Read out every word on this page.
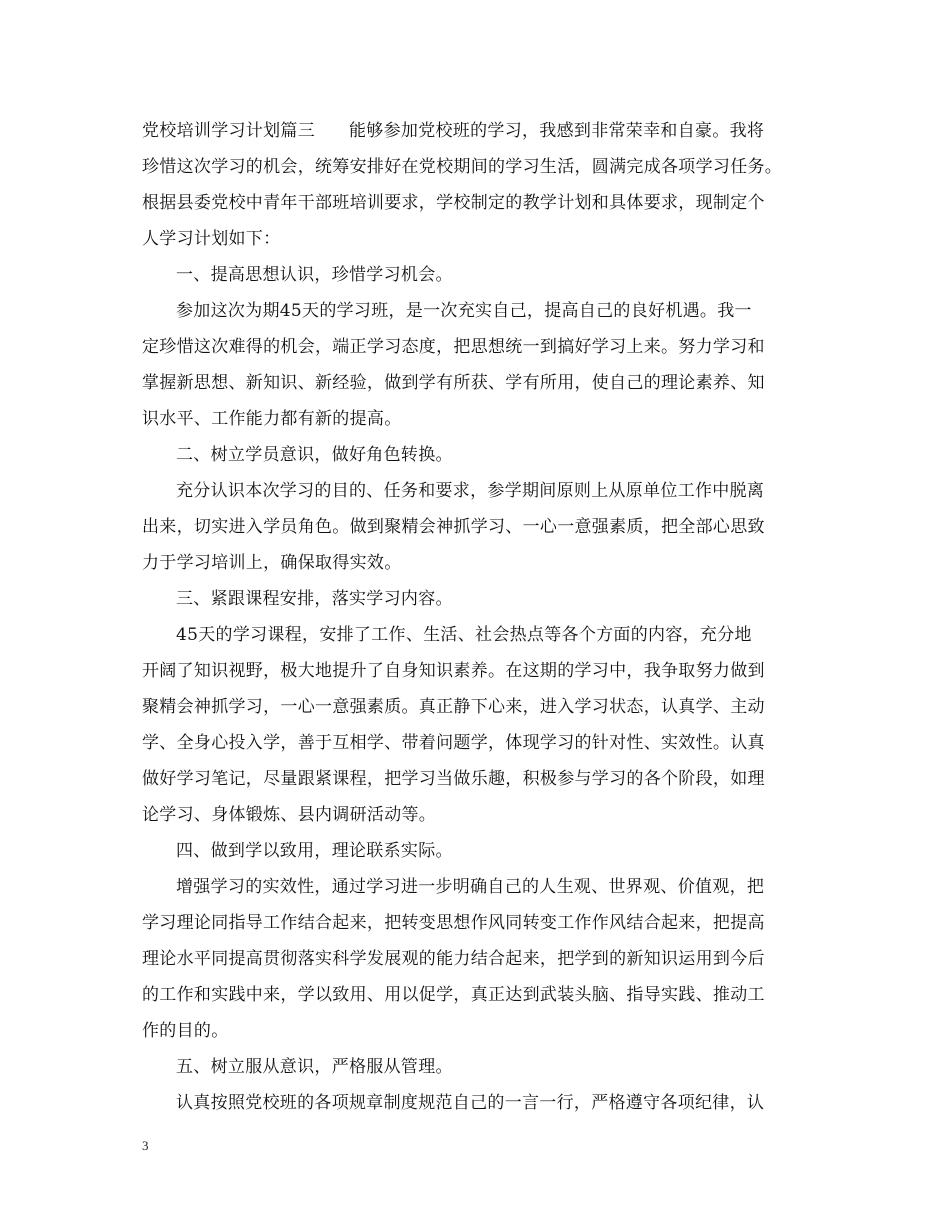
党校培训学习计划篇三 能够参加党校班的学习，我感到非常荣幸和自豪。我将
珍惜这次学习的机会，统筹安排好在党校期间的学习生活，圆满完成各项学习任务。
根据县委党校中青年干部班培训要求，学校制定的教学计划和具体要求，现制定个
人学习计划如下：
一、提高思想认识，珍惜学习机会。
参加这次为期45天的学习班，是一次充实自己，提高自己的良好机遇。我一
定珍惜这次难得的机会，端正学习态度，把思想统一到搞好学习上来。努力学习和
掌握新思想、新知识、新经验，做到学有所获、学有所用，使自己的理论素养、知
识水平、工作能力都有新的提高。
二、树立学员意识，做好角色转换。
充分认识本次学习的目的、任务和要求，参学期间原则上从原单位工作中脱离
出来，切实进入学员角色。做到聚精会神抓学习、一心一意强素质，把全部心思致
力于学习培训上，确保取得实效。
三、紧跟课程安排，落实学习内容。
45天的学习课程，安排了工作、生活、社会热点等各个方面的内容，充分地
开阔了知识视野，极大地提升了自身知识素养。在这期的学习中，我争取努力做到
聚精会神抓学习，一心一意强素质。真正静下心来，进入学习状态，认真学、主动
学、全身心投入学，善于互相学、带着问题学，体现学习的针对性、实效性。认真
做好学习笔记，尽量跟紧课程，把学习当做乐趣，积极参与学习的各个阶段，如理
论学习、身体锻炼、县内调研活动等。
四、做到学以致用，理论联系实际。
增强学习的实效性，通过学习进一步明确自己的人生观、世界观、价值观，把
学习理论同指导工作结合起来，把转变思想作风同转变工作作风结合起来，把提高
理论水平同提高贯彻落实科学发展观的能力结合起来，把学到的新知识运用到今后
的工作和实践中来，学以致用、用以促学，真正达到武装头脑、指导实践、推动工
作的目的。
五、树立服从意识，严格服从管理。
认真按照党校班的各项规章制度规范自己的一言一行，严格遵守各项纪律，认
3
